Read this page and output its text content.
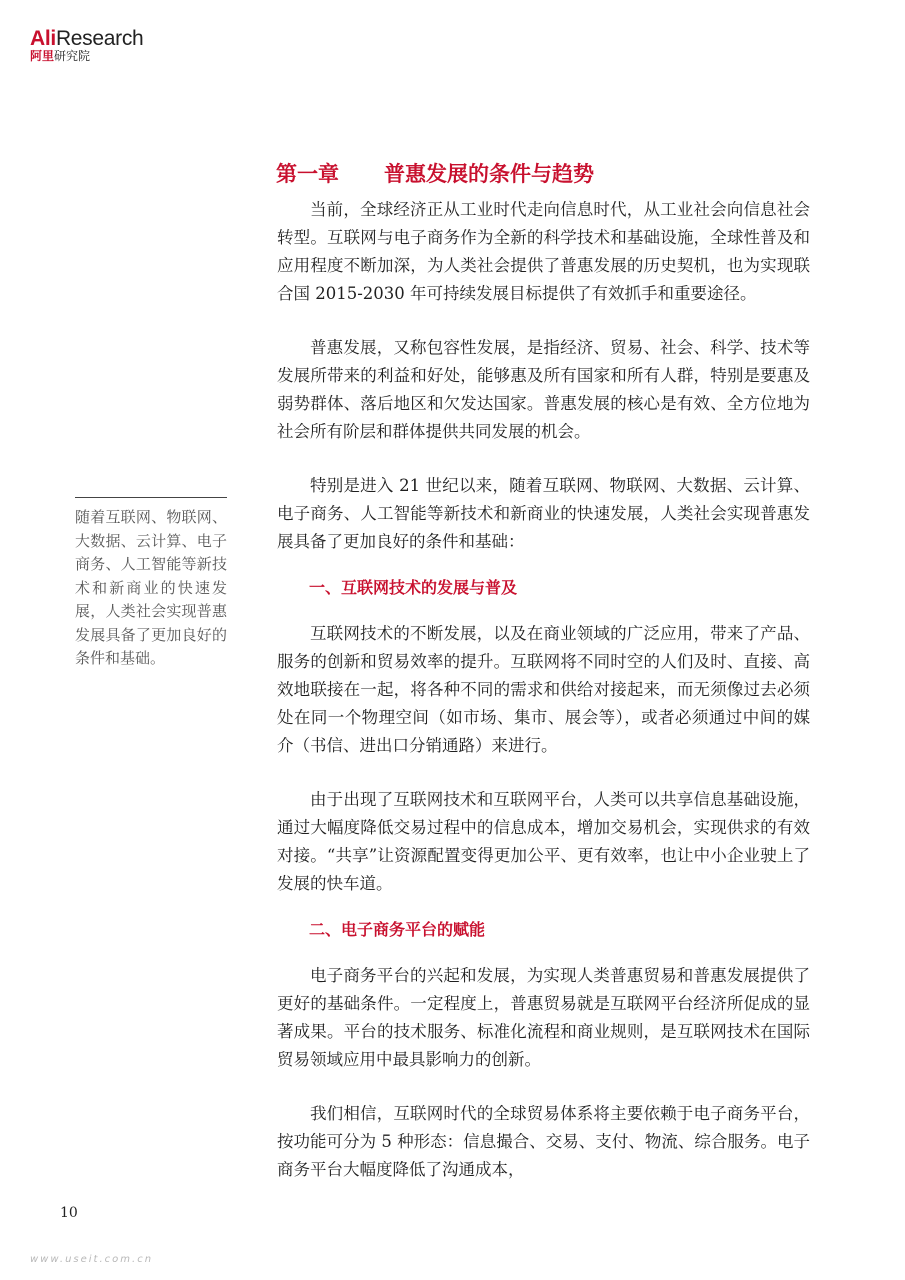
AliResearch
阿里研究院
第一章 普惠发展的条件与趋势

当前，全球经济正从工业时代走向信息时代，从工业社会向信息社会转型。互联网与电子商务作为全新的科学技术和基础设施，全球性普及和应用程度不断加深，为人类社会提供了普惠发展的历史契机，也为实现联合国 2015-2030 年可持续发展目标提供了有效抓手和重要途径。

普惠发展，又称包容性发展，是指经济、贸易、社会、科学、技术等发展所带来的利益和好处，能够惠及所有国家和所有人群，特别是要惠及弱势群体、落后地区和欠发达国家。普惠发展的核心是有效、全方位地为社会所有阶层和群体提供共同发展的机会。

特别是进入 21 世纪以来，随着互联网、物联网、大数据、云计算、电子商务、人工智能等新技术和新商业的快速发展，人类社会实现普惠发展具备了更加良好的条件和基础：

一、互联网技术的发展与普及

互联网技术的不断发展，以及在商业领域的广泛应用，带来了产品、服务的创新和贸易效率的提升。互联网将不同时空的人们及时、直接、高效地联接在一起，将各种不同的需求和供给对接起来，而无须像过去必须处在同一个物理空间（如市场、集市、展会等），或者必须通过中间的媒介（书信、进出口分销通路）来进行。

由于出现了互联网技术和互联网平台，人类可以共享信息基础设施，通过大幅度降低交易过程中的信息成本，增加交易机会，实现供求的有效对接。“共享”让资源配置变得更加公平、更有效率，也让中小企业驶上了发展的快车道。

二、电子商务平台的赋能

电子商务平台的兴起和发展，为实现人类普惠贸易和普惠发展提供了更好的基础条件。一定程度上，普惠贸易就是互联网平台经济所促成的显著成果。平台的技术服务、标准化流程和商业规则，是互联网技术在国际贸易领域应用中最具影响力的创新。

我们相信，互联网时代的全球贸易体系将主要依赖于电子商务平台，按功能可分为 5 种形态：信息撮合、交易、支付、物流、综合服务。电子商务平台大幅度降低了沟通成本，

随着互联网、物联网、大数据、云计算、电子商务、人工智能等新技术和新商业的快速发展，人类社会实现普惠发展具备了更加良好的条件和基础。

10
www.useit.com.cn
